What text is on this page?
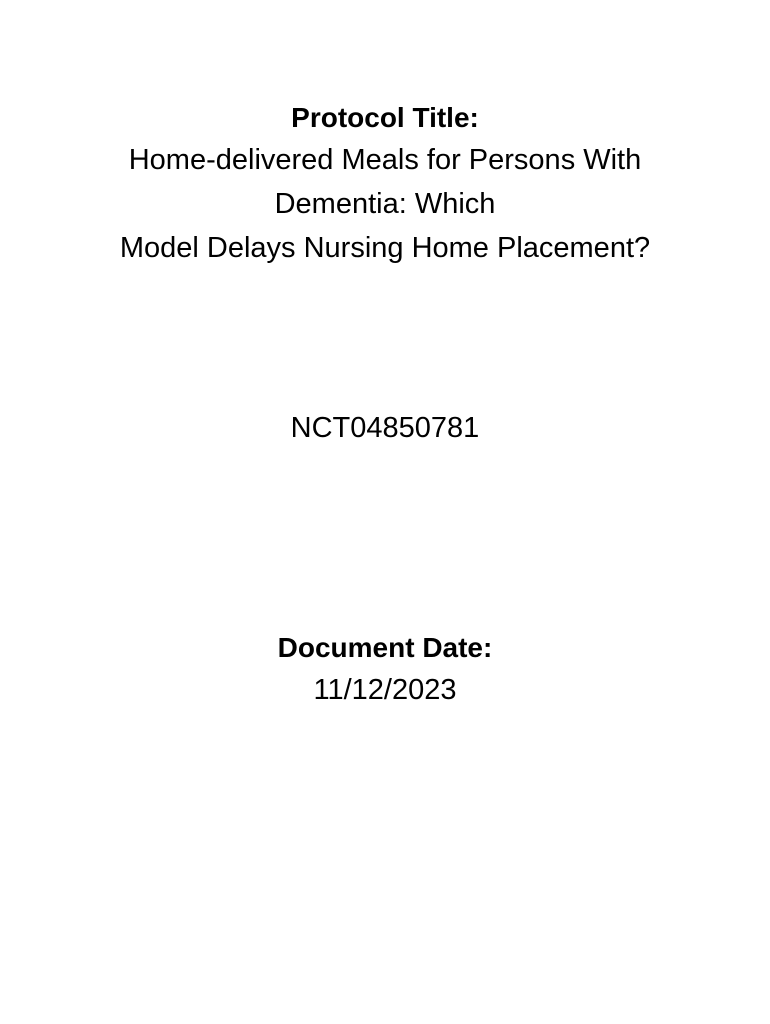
Protocol Title:
Home-delivered Meals for Persons With
Dementia: Which
Model Delays Nursing Home Placement?
NCT04850781
Document Date:
11/12/2023
